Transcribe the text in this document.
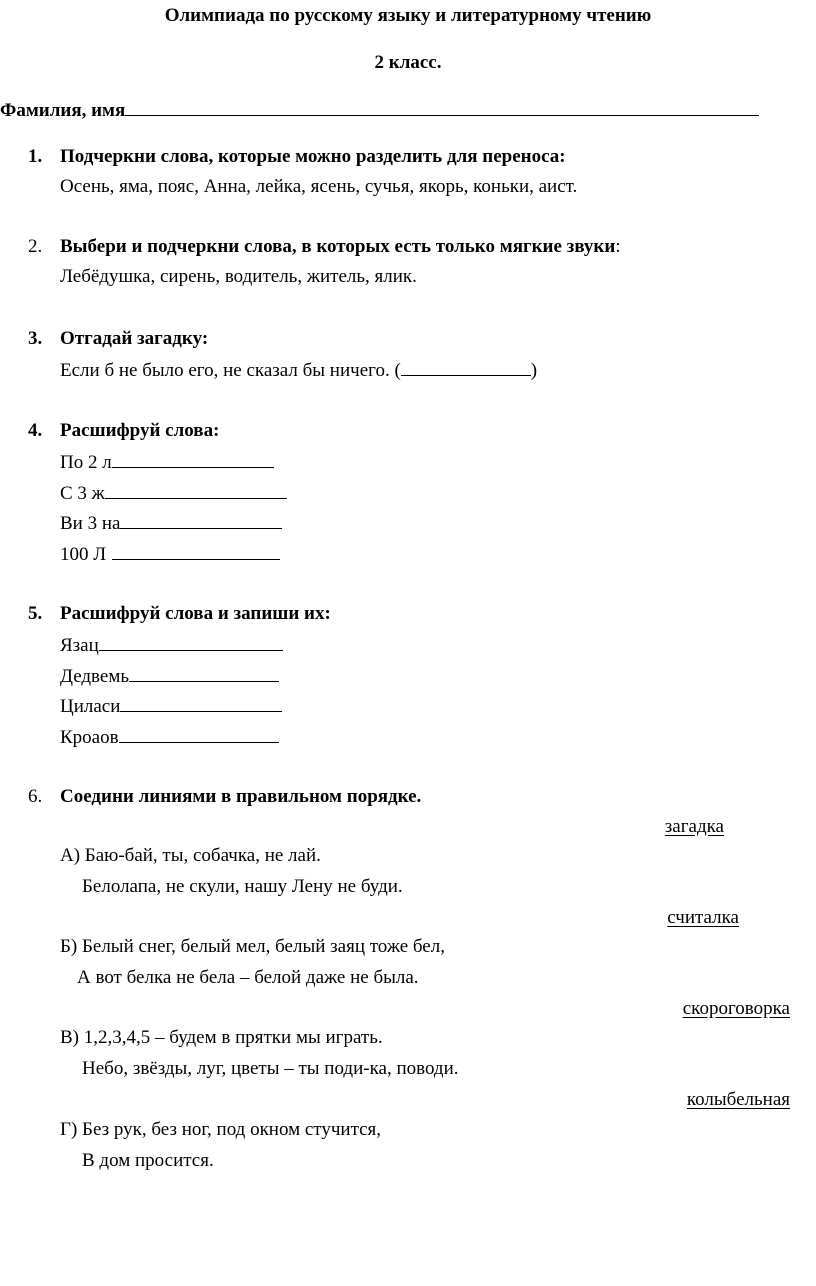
Олимпиада по русскому языку и литературному чтению
2 класс.
Фамилия, имя
1. Подчеркни слова, которые можно разделить для переноса:
Осень, яма, пояс, Анна, лейка, ясень, сучья, якорь, коньки, аист.
2. Выбери и подчеркни слова, в которых есть только мягкие звуки:
Лебёдушка, сирень, водитель, житель, ялик.
3. Отгадай загадку:
Если б не было его, не сказал бы ничего. (	)
4. Расшифруй слова:
По 2 л
С 3 ж
Ви 3 на
100 Л
5. Расшифруй слова и запиши их:
Язац
Дедвемь
Циласи
Кроаов
6. Соедини линиями в правильном порядке.
загадка
А) Баю-бай, ты, собачка, не лай.
Белолапа, не скули, нашу Лену не буди.
считалка
Б) Белый снег, белый мел, белый заяц тоже бел,
А вот белка не бела – белой даже не была.
скороговорка
В) 1,2,3,4,5 – будем в прятки мы играть.
Небо, звёзды, луг, цветы – ты поди-ка, поводи.
колыбельная
Г) Без рук, без ног, под окном стучится,
В дом просится.
